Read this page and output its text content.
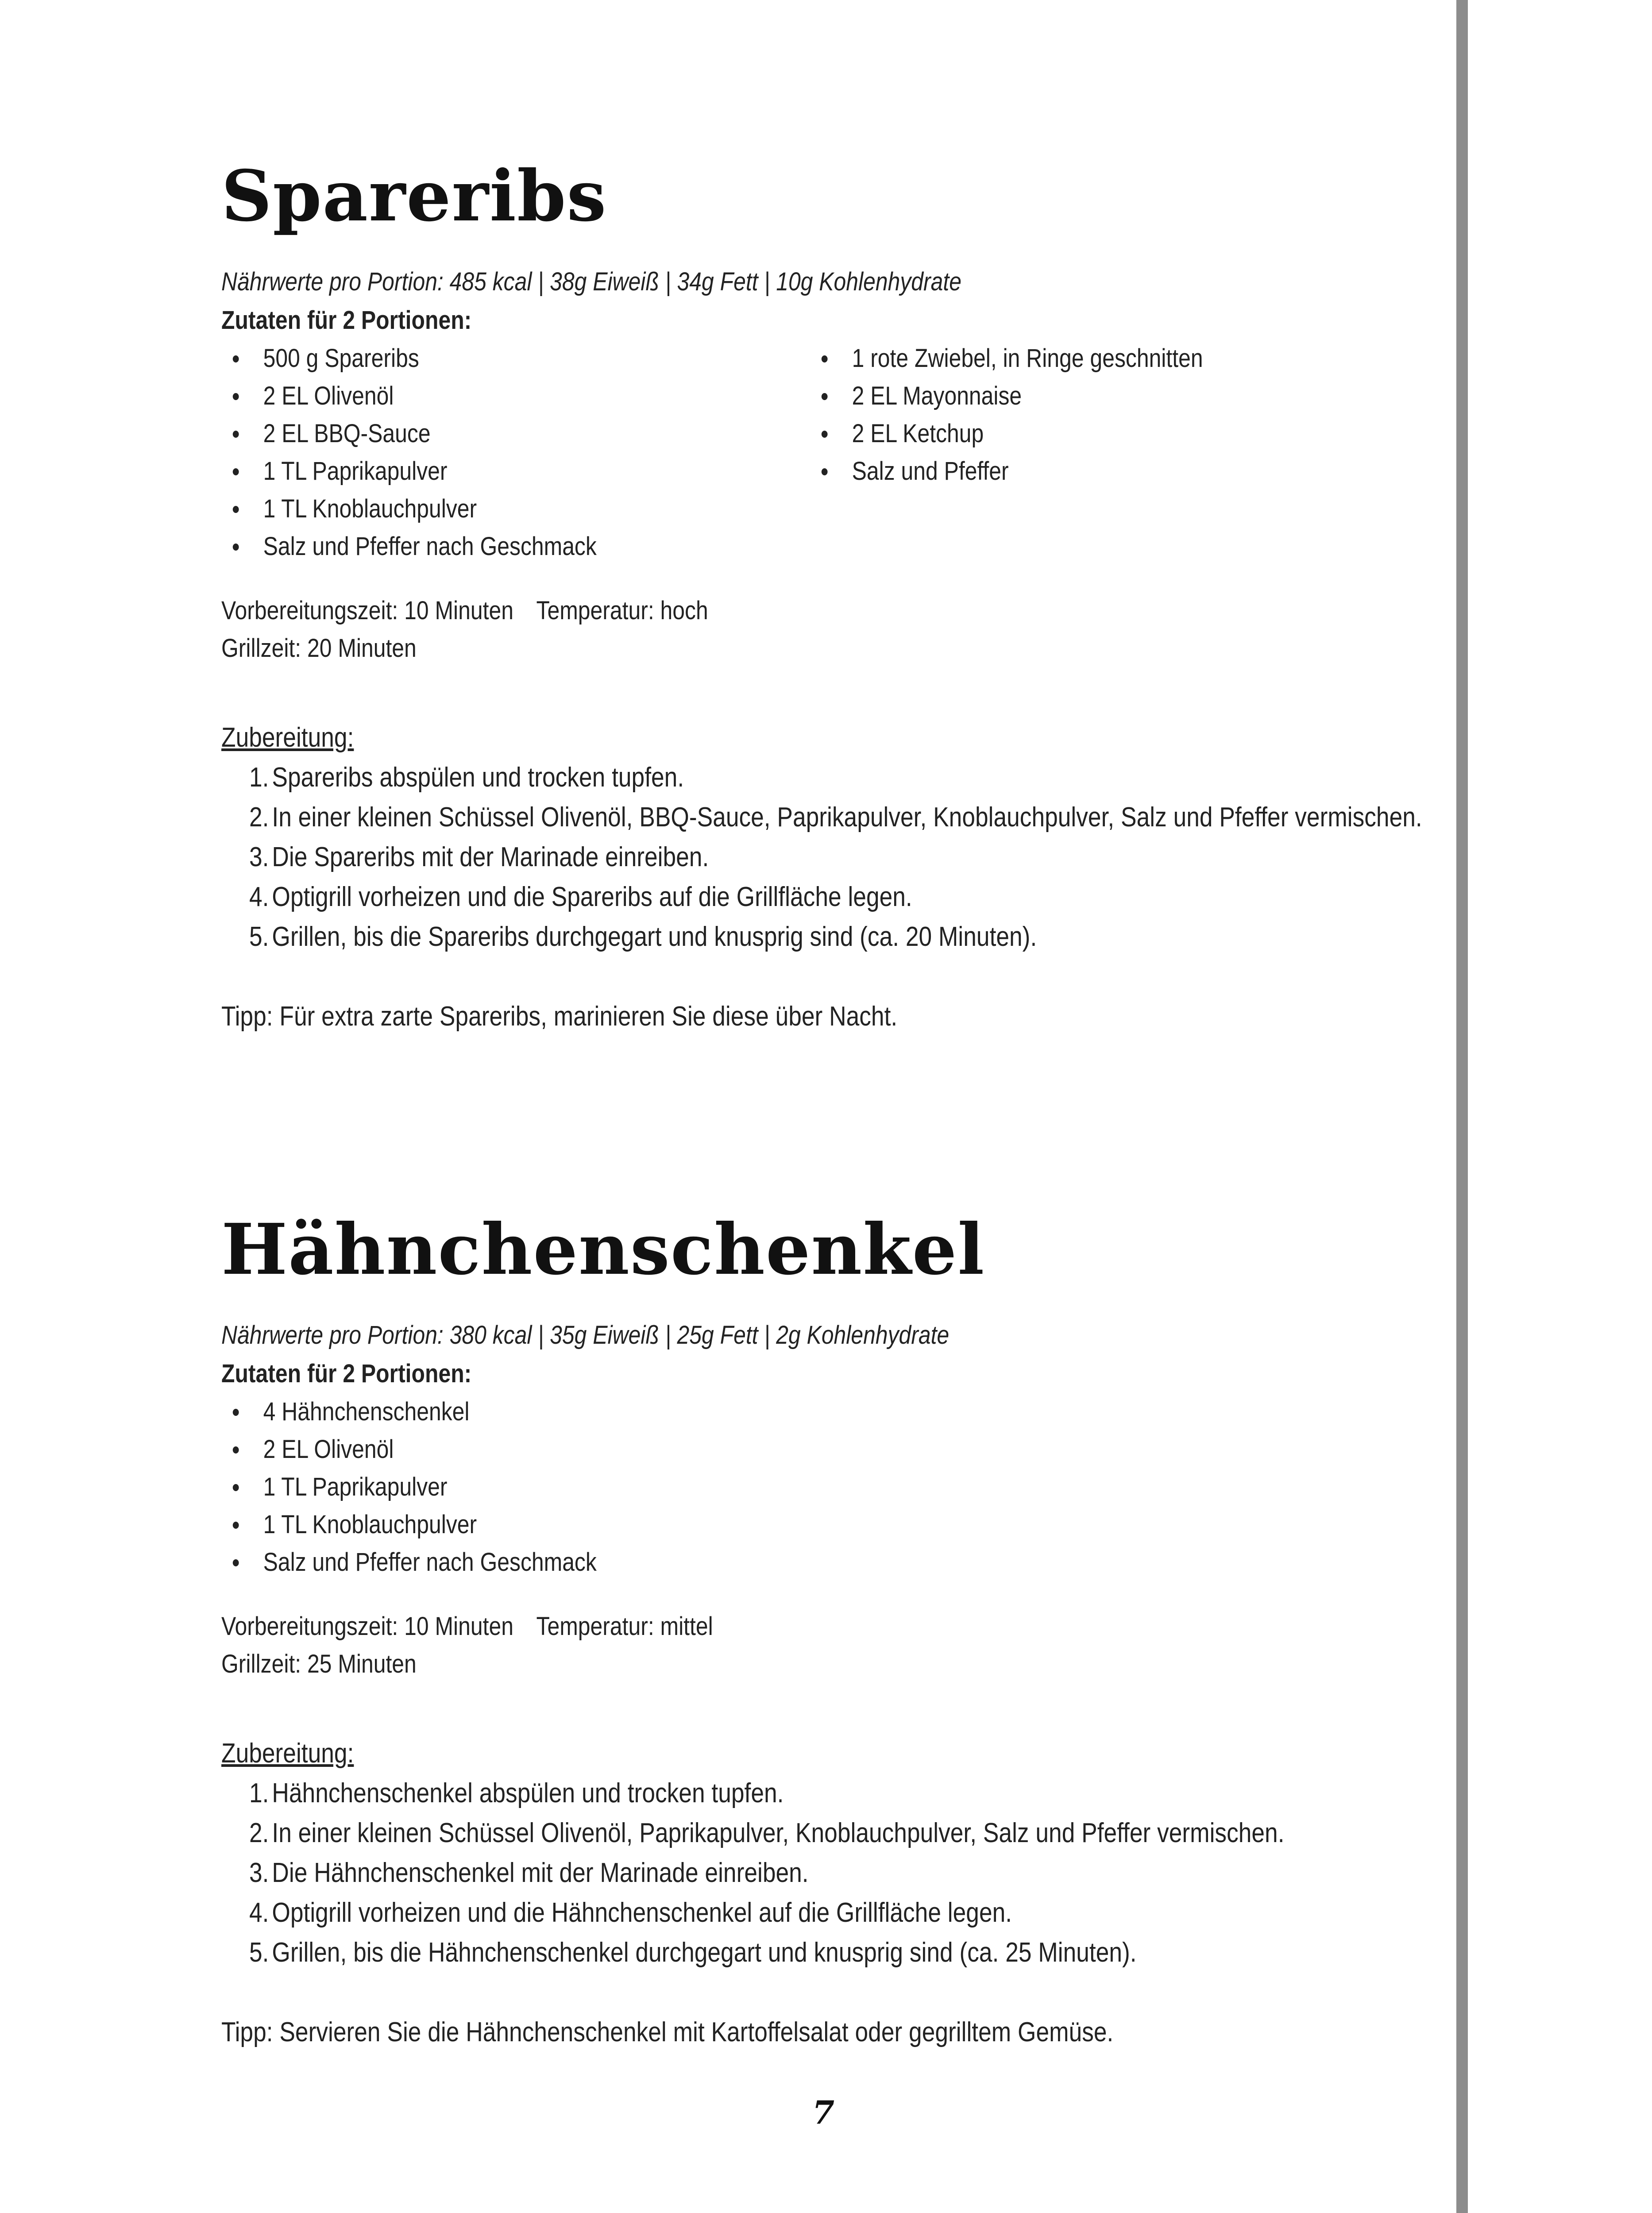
Spareribs
Nährwerte pro Portion: 485 kcal | 38g Eiweiß | 34g Fett | 10g Kohlenhydrate
Zutaten für 2 Portionen:
500 g Spareribs
2 EL Olivenöl
2 EL BBQ-Sauce
1 TL Paprikapulver
1 TL Knoblauchpulver
Salz und Pfeffer nach Geschmack
1 rote Zwiebel, in Ringe geschnitten
2 EL Mayonnaise
2 EL Ketchup
Salz und Pfeffer
Vorbereitungszeit: 10 Minuten Temperatur: hoch
Grillzeit: 20 Minuten
Zubereitung:
1. Spareribs abspülen und trocken tupfen.
2. In einer kleinen Schüssel Olivenöl, BBQ-Sauce, Paprikapulver, Knoblauchpulver, Salz und Pfeffer vermischen.
3. Die Spareribs mit der Marinade einreiben.
4. Optigrill vorheizen und die Spareribs auf die Grillfläche legen.
5. Grillen, bis die Spareribs durchgegart und knusprig sind (ca. 20 Minuten).
Tipp: Für extra zarte Spareribs, marinieren Sie diese über Nacht.
Hähnchenschenkel
Nährwerte pro Portion: 380 kcal | 35g Eiweiß | 25g Fett | 2g Kohlenhydrate
Zutaten für 2 Portionen:
4 Hähnchenschenkel
2 EL Olivenöl
1 TL Paprikapulver
1 TL Knoblauchpulver
Salz und Pfeffer nach Geschmack
Vorbereitungszeit: 10 Minuten Temperatur: mittel
Grillzeit: 25 Minuten
Zubereitung:
1. Hähnchenschenkel abspülen und trocken tupfen.
2. In einer kleinen Schüssel Olivenöl, Paprikapulver, Knoblauchpulver, Salz und Pfeffer vermischen.
3. Die Hähnchenschenkel mit der Marinade einreiben.
4. Optigrill vorheizen und die Hähnchenschenkel auf die Grillfläche legen.
5. Grillen, bis die Hähnchenschenkel durchgegart und knusprig sind (ca. 25 Minuten).
Tipp: Servieren Sie die Hähnchenschenkel mit Kartoffelsalat oder gegrilltem Gemüse.
7
